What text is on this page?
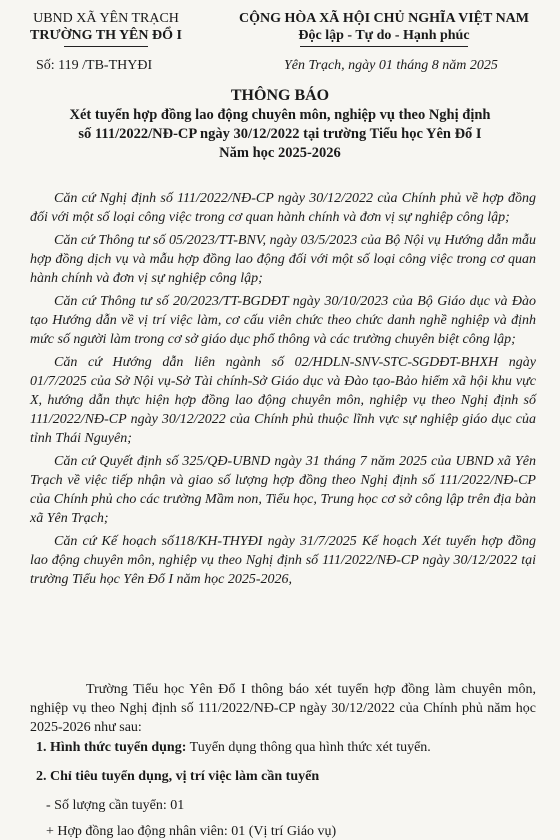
UBND XÃ YÊN TRẠCH
TRƯỜNG TH YÊN ĐỔ I
CỘNG HÒA XÃ HỘI CHỦ NGHĨA VIỆT NAM
Độc lập - Tự do - Hạnh phúc
Số: 119 /TB-THYĐI	Yên Trạch, ngày 01 tháng 8 năm 2025
THÔNG BÁO
Xét tuyển hợp đồng lao động chuyên môn, nghiệp vụ theo Nghị định
số 111/2022/NĐ-CP ngày 30/12/2022 tại trường Tiểu học Yên Đổ I
Năm học 2025-2026

Căn cứ Nghị định số 111/2022/NĐ-CP ngày 30/12/2022 của Chính phủ về hợp đồng đối với một số loại công việc trong cơ quan hành chính và đơn vị sự nghiệp công lập;

Căn cứ Thông tư số 05/2023/TT-BNV, ngày 03/5/2023 của Bộ Nội vụ Hướng dẫn mẫu hợp đồng dịch vụ và mẫu hợp đồng lao động đối với một số loại công việc trong cơ quan hành chính và đơn vị sự nghiệp công lập;

Căn cứ Thông tư số 20/2023/TT-BGDĐT ngày 30/10/2023 của Bộ Giáo dục và Đào tạo Hướng dẫn về vị trí việc làm, cơ cấu viên chức theo chức danh nghề nghiệp và định mức số người làm trong cơ sở giáo dục phổ thông và các trường chuyên biệt công lập;

Căn cứ Hướng dẫn liên ngành số 02/HDLN-SNV-STC-SGDĐT-BHXH ngày 01/7/2025 của Sở Nội vụ-Sở Tài chính-Sở Giáo dục và Đào tạo-Bảo hiểm xã hội khu vực X, hướng dẫn thực hiện hợp đồng lao động chuyên môn, nghiệp vụ theo Nghị định số 111/2022/NĐ-CP ngày 30/12/2022 của Chính phủ thuộc lĩnh vực sự nghiệp giáo dục của tỉnh Thái Nguyên;

Căn cứ Quyết định số 325/QĐ-UBND ngày 31 tháng 7 năm 2025 của UBND xã Yên Trạch về việc tiếp nhận và giao số lượng hợp đồng theo Nghị định số 111/2022/NĐ-CP của Chính phủ cho các trường Mầm non, Tiểu học, Trung học cơ sở công lập trên địa bàn xã Yên Trạch;

Căn cứ Kế hoạch số118/KH-THYĐI ngày 31/7/2025 Kế hoạch Xét tuyển hợp đồng lao động chuyên môn, nghiệp vụ theo Nghị định số 111/2022/NĐ-CP ngày 30/12/2022 tại trường Tiểu học Yên Đổ I năm học 2025-2026,

Trường Tiểu học Yên Đổ I thông báo xét tuyển hợp đồng làm chuyên môn, nghiệp vụ theo Nghị định số 111/2022/NĐ-CP ngày 30/12/2022 của Chính phủ năm học 2025-2026 như sau:

1. Hình thức tuyển dụng: Tuyển dụng thông qua hình thức xét tuyển.
2. Chỉ tiêu tuyển dụng, vị trí việc làm cần tuyển
- Số lượng cần tuyển: 01
+ Hợp đồng lao động nhân viên: 01 (Vị trí Giáo vụ)
